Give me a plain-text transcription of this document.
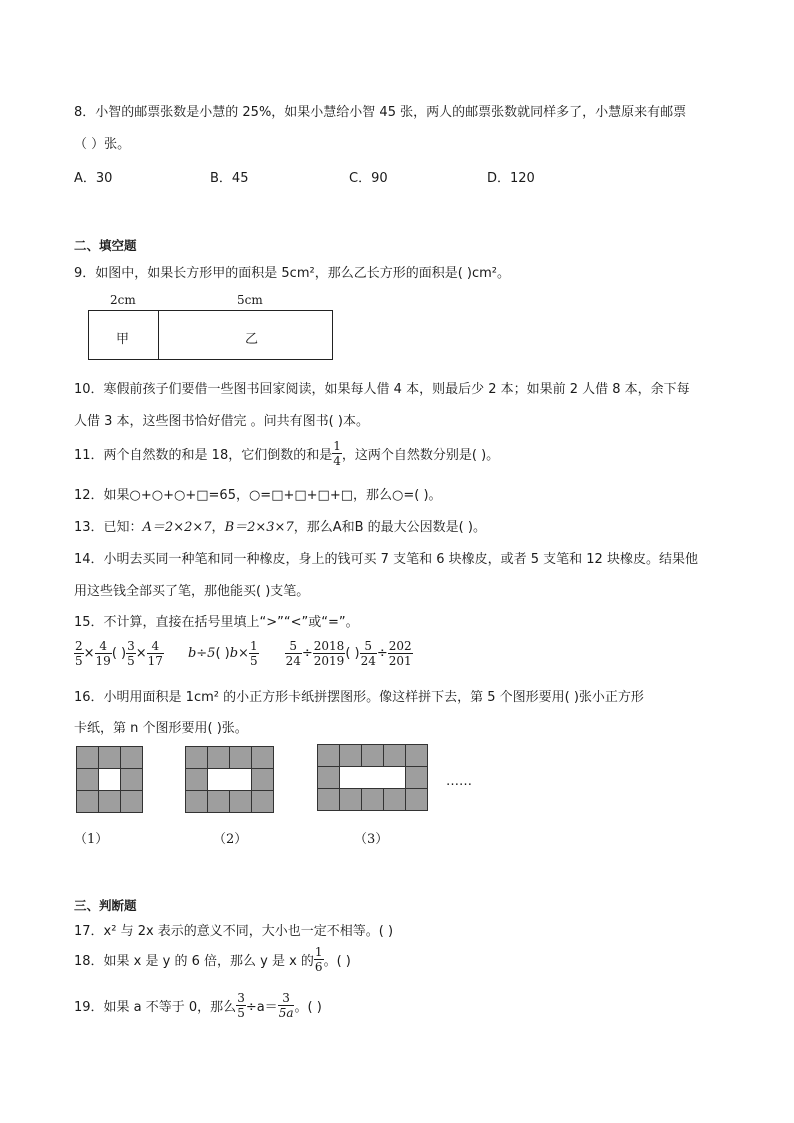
8．小智的邮票张数是小慧的 25%，如果小慧给小智 45 张，两人的邮票张数就同样多了，小慧原来有邮票
（ ）张。
A．30	B．45	C．90	D．120
二、填空题
9．如图中，如果长方形甲的面积是 5cm²，那么乙长方形的面积是( )cm²。
2cm	5cm
甲	乙
10．寒假前孩子们要借一些图书回家阅读，如果每人借 4 本，则最后少 2 本；如果前 2 人借 8 本，余下每
人借 3 本，这些图书恰好借完 。问共有图书( )本。
11．两个自然数的和是 18，它们倒数的和是 $\frac{1}{4}$ ，这两个自然数分别是( )。
12．如果○+○+○+□=65，○=□+□+□+□，那么○=( )。
13．已知：A＝2×2×7，B＝2×3×7，那么A和B 的最大公因数是( )。
14．小明去买同一种笔和同一种橡皮，身上的钱可买 7 支笔和 6 块橡皮，或者 5 支笔和 12 块橡皮。结果他
用这些钱全部买了笔，那他能买( )支笔。
15．不计算，直接在括号里填上“>”“<”或“=”。
$\frac{2}{5} \times \frac{4}{19}$ ( ) $\frac{3}{5} \times \frac{4}{17} b\div 5$ ( ) $b\times \frac{1}{5} \frac{5}{24} \div \frac{2018}{2019}$ ( ) $\frac{5}{24} \div \frac{202}{201}$
16．小明用面积是 1cm² 的小正方形卡纸拼摆图形。像这样拼下去，第 5 个图形要用( )张小正方形
卡纸，第 n 个图形要用( )张。
……
（1）	（2）	（3）
三、判断题
17．x² 与 2x 表示的意义不同，大小也一定不相等。( )
18．如果 x 是 y 的 6 倍，那么 y 是 x 的 $\frac{1}{6}$ 。( )
19．如果 a 不等于 0，那么 $\frac{3}{5} \div a= \frac{3}{5a}$ 。( )
